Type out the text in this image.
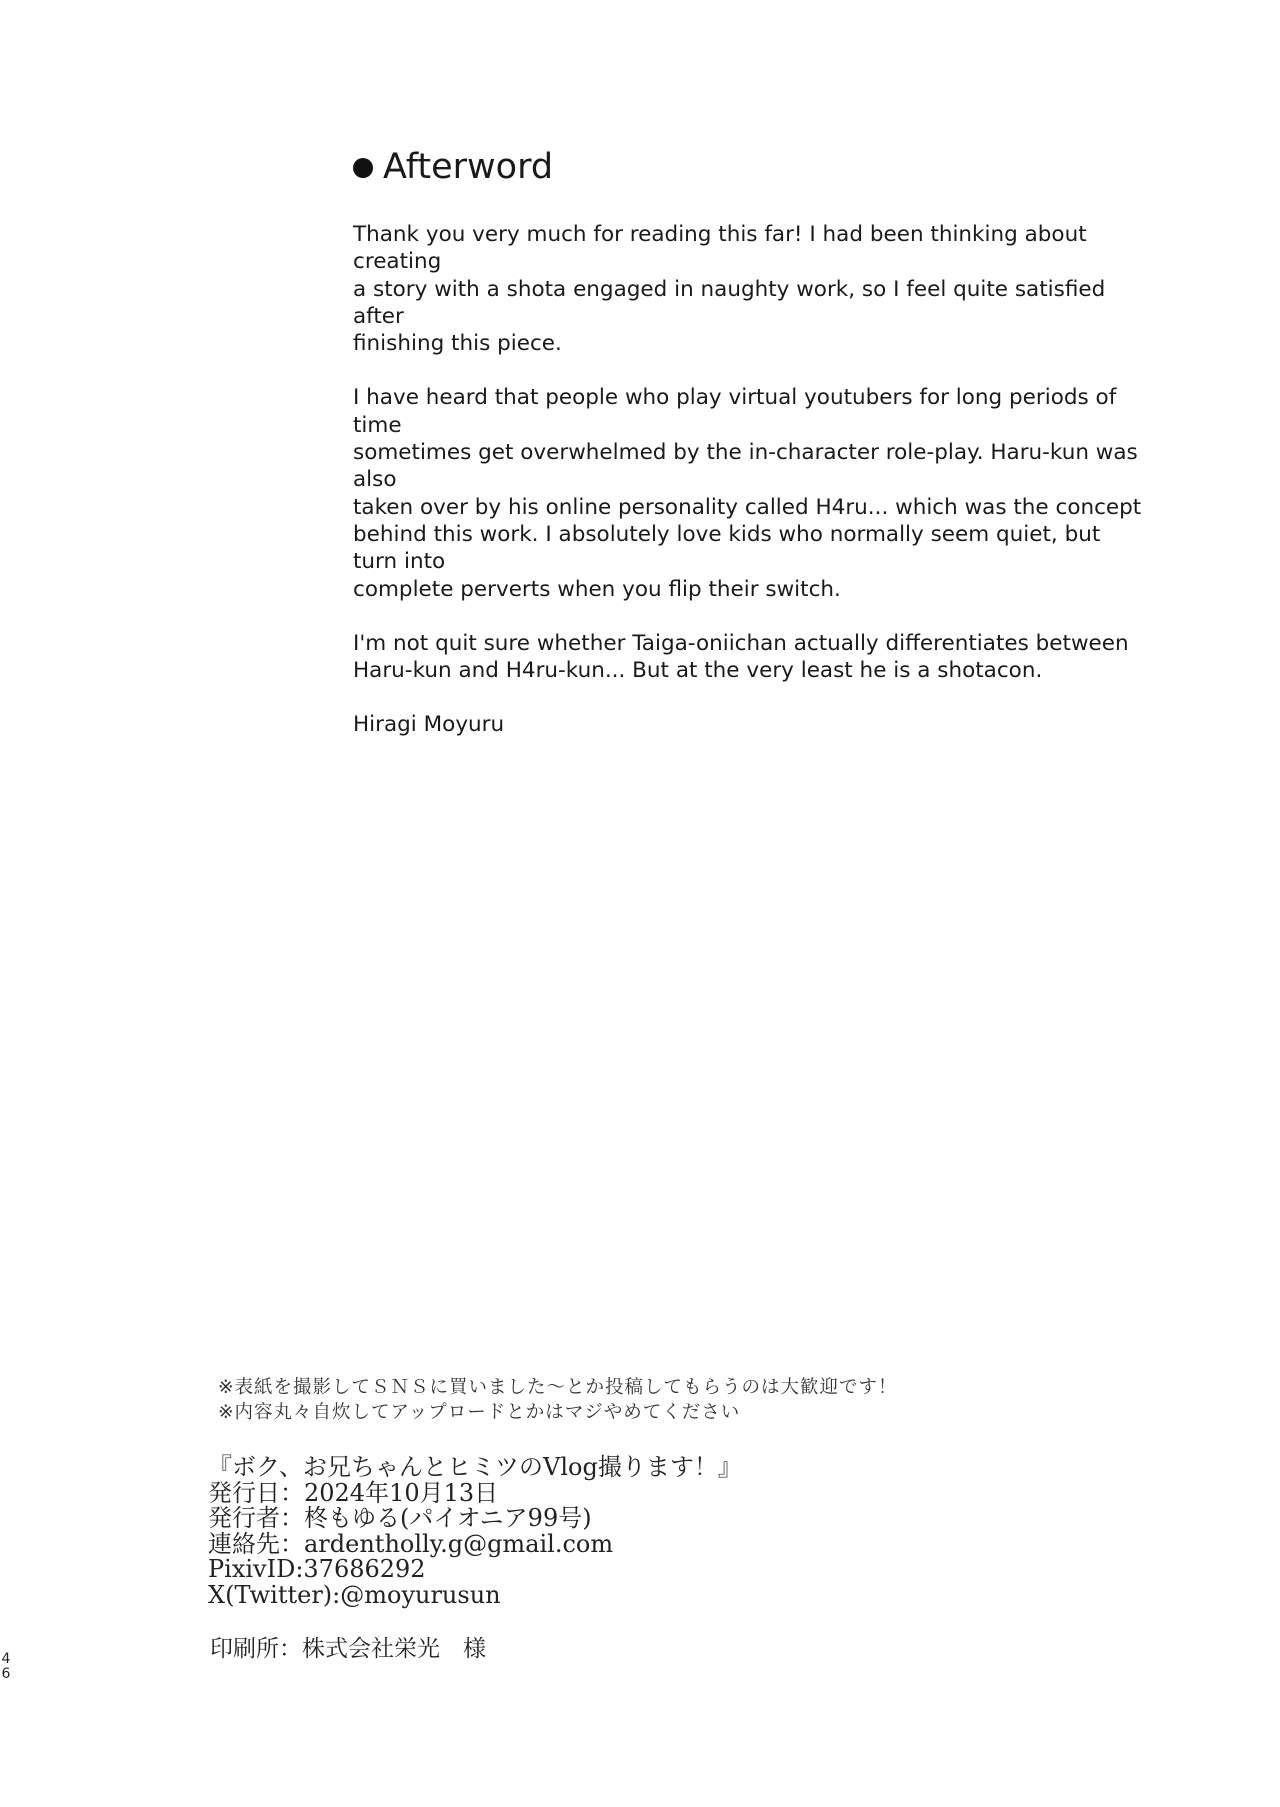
Afterword

Thank you very much for reading this far! I had been thinking about creating
a story with a shota engaged in naughty work, so I feel quite satisfied after
finishing this piece.

I have heard that people who play virtual youtubers for long periods of time
sometimes get overwhelmed by the in-character role-play. Haru-kun was also
taken over by his online personality called H4ru... which was the concept
behind this work. I absolutely love kids who normally seem quiet, but turn into
complete perverts when you flip their switch.

I'm not quit sure whether Taiga-oniichan actually differentiates between
Haru-kun and H4ru-kun... But at the very least he is a shotacon.

Hiragi Moyuru

※表紙を撮影してＳＮＳに買いました〜とか投稿してもらうのは大歓迎です！
※内容丸々自炊してアップロードとかはマジやめてください
『ボク、お兄ちゃんとヒミツのVlog撮ります！』
発行日：2024年10月13日
発行者：柊もゆる(パイオニア99号)
連絡先：ardentholly.g@gmail.com
PixivID:37686292
X(Twitter):@moyurusun
印刷所：株式会社栄光　様
4
6
